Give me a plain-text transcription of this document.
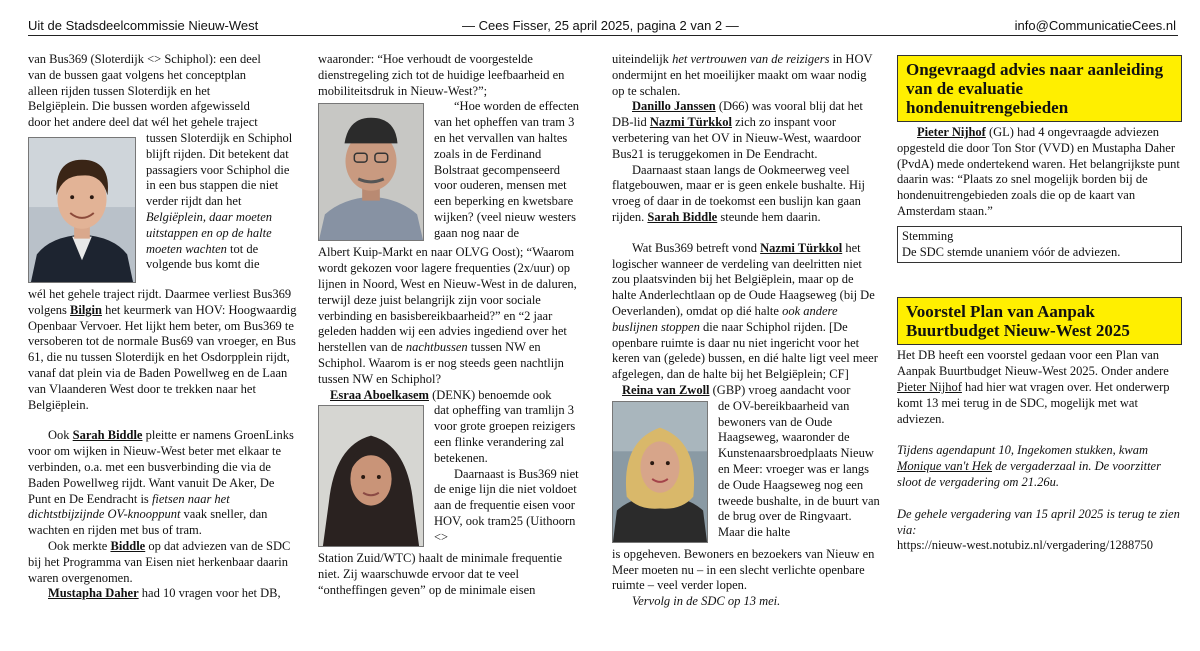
Uit de Stadsdeelcommissie Nieuw-West	— Cees Fisser, 25 april 2025, pagina 2 van 2 —	info@CommunicatieCees.nl

van Bus369 (Sloterdijk <> Schiphol): een deel
van de bussen gaat volgens het conceptplan
alleen rijden tussen Sloterdijk en het
Belgiëplein. Die bussen worden afgewisseld
door het andere deel dat wél het gehele traject

tussen Sloterdijk en Schiphol blijft rijden. Dit betekent dat passagiers voor Schiphol die in een bus stappen die niet verder rijdt dan het Belgiëplein, daar moeten uitstappen en op de halte moeten wachten tot de volgende bus komt die

wél het gehele traject rijdt. Daarmee verliest Bus369 volgens Bilgin het keurmerk van HOV: Hoogwaardig Openbaar Vervoer. Het lijkt hem beter, om Bus369 te versoberen tot de normale Bus69 van vroeger, en Bus 61, die nu tussen Sloterdijk en het Osdorpplein rijdt, vanaf dat plein via de Baden Powellweg en de Laan van Vlaanderen West door te trekken naar het Belgiëplein.

Ook Sarah Biddle pleitte er namens GroenLinks voor om wijken in Nieuw-West beter met elkaar te verbinden, o.a. met een busverbinding die via de Baden Powellweg rijdt. Want vanuit De Aker, De Punt en De Eendracht is fietsen naar het dichtstbijzijnde OV-knooppunt vaak sneller, dan wachten en rijden met bus of tram.

Ook merkte Biddle op dat adviezen van de SDC bij het Programma van Eisen niet herkenbaar daarin waren overgenomen.

Mustapha Daher had 10 vragen voor het DB,

waaronder: “Hoe verhoudt de voorgestelde dienstregeling zich tot de huidige leefbaarheid en mobiliteitsdruk in Nieuw-West?”;

“Hoe worden de effecten van het opheffen van tram 3 en het vervallen van haltes zoals in de Ferdinand Bolstraat gecompenseerd voor ouderen, mensen met een beperking en kwetsbare wijken? (veel nieuw westers gaan nog naar de

Albert Kuip-Markt en naar OLVG Oost); “Waarom wordt gekozen voor lagere frequenties (2x/uur) op lijnen in Noord, West en Nieuw-West in de daluren, terwijl deze juist belangrijk zijn voor sociale verbinding en basisbereikbaarheid?” en “2 jaar geleden hadden wij een advies ingediend over het herstellen van de nachtbussen tussen NW en Schiphol. Waarom is er nog steeds geen nachtlijn tussen NW en Schiphol?

Esraa Aboelkasem (DENK) benoemde ook

dat opheffing van tramlijn 3 voor grote groepen reizigers een flinke verandering zal betekenen.

Daarnaast is Bus369 niet de enige lijn die niet voldoet aan de frequentie eisen voor HOV, ook tram25 (Uithoorn <>

Station Zuid/WTC) haalt de minimale frequentie niet. Zij waarschuwde ervoor dat te veel “ontheffingen geven” op de minimale eisen

uiteindelijk het vertrouwen van de reizigers in HOV ondermijnt en het moeilijker maakt om waar nodig op te schalen.

Danillo Janssen (D66) was vooral blij dat het DB-lid Nazmi Türkkol zich zo inspant voor verbetering van het OV in Nieuw-West, waardoor Bus21 is teruggekomen in De Eendracht.

Daarnaast staan langs de Ookmeerweg veel flatgebouwen, maar er is geen enkele bushalte. Hij vroeg of daar in de toekomst een buslijn kan gaan rijden. Sarah Biddle steunde hem daarin.

Wat Bus369 betreft vond Nazmi Türkkol het logischer wanneer de verdeling van deelritten niet zou plaatsvinden bij het Belgiëplein, maar op de halte Anderlechtlaan op de Oude Haagseweg (bij De Oeverlanden), omdat op dié halte ook andere buslijnen stoppen die naar Schiphol rijden. [De openbare ruimte is daar nu niet ingericht voor het keren van (gelede) bussen, en dié halte ligt veel meer afgelegen, dan de halte bij het Belgiëplein; CF]

Reina van Zwoll (GBP) vroeg aandacht voor

de OV-bereikbaarheid van bewoners van de Oude Haagseweg, waaronder de Kunstenaarsbroedplaats Nieuw en Meer: vroeger was er langs de Oude Haagseweg nog een tweede bushalte, in de buurt van de brug over de Ringvaart. Maar die halte

is opgeheven. Bewoners en bezoekers van Nieuw en Meer moeten nu – in een slecht verlichte openbare ruimte – veel verder lopen.

Vervolg in de SDC op 13 mei.

Ongevraagd advies naar aanleiding van de evaluatie hondenuitrengebieden

Pieter Nijhof (GL) had 4 ongevraagde adviezen opgesteld die door Ton Stor (VVD) en Mustapha Daher (PvdA) mede ondertekend waren. Het belangrijkste punt daarin was: “Plaats zo snel mogelijk borden bij de hondenuitrengebieden zoals die op de kaart van Amsterdam staan.”

Stemming
De SDC stemde unaniem vóór de adviezen.
Voorstel Plan van Aanpak Buurtbudget Nieuw-West 2025

Het DB heeft een voorstel gedaan voor een Plan van Aanpak Buurtbudget Nieuw-West 2025. Onder andere Pieter Nijhof had hier wat vragen over. Het onderwerp komt 13 mei terug in de SDC, mogelijk met wat adviezen.

Tijdens agendapunt 10, Ingekomen stukken, kwam Monique van't Hek de vergaderzaal in. De voorzitter sloot de vergadering om 21.26u.

De gehele vergadering van 15 april 2025 is terug te zien via:

https://nieuw-west.notubiz.nl/vergadering/1288750
